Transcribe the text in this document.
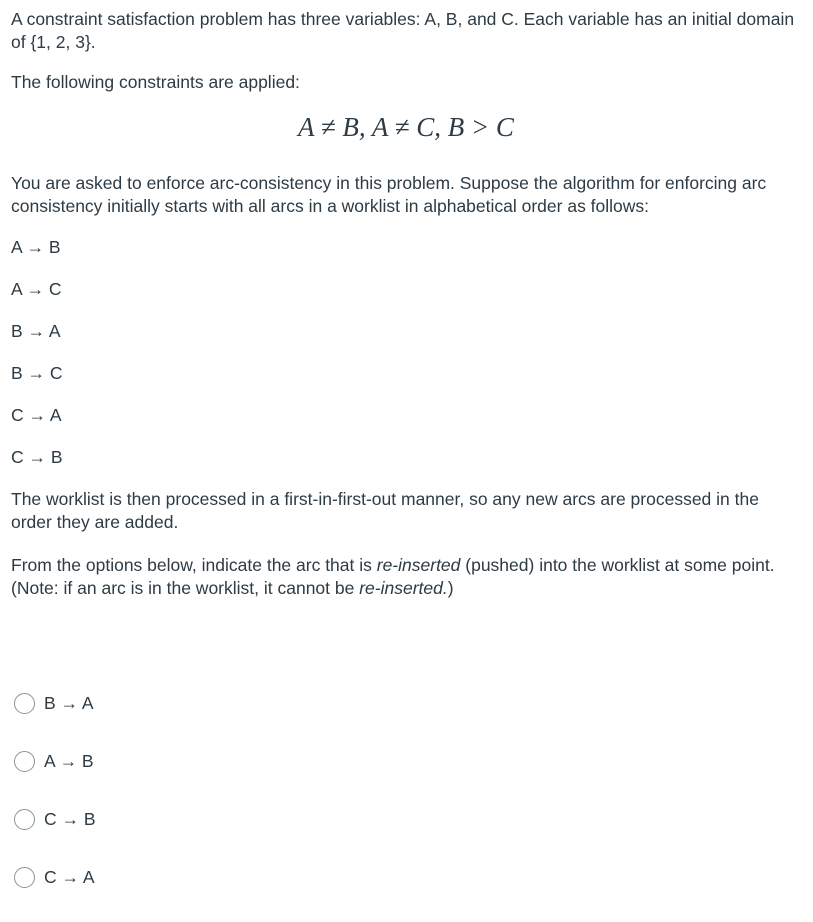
A constraint satisfaction problem has three variables: A, B, and C. Each variable has an initial domain of {1, 2, 3}.

The following constraints are applied:

A ≠ B, A ≠ C, B > C

You are asked to enforce arc-consistency in this problem. Suppose the algorithm for enforcing arc consistency initially starts with all arcs in a worklist in alphabetical order as follows:

A → B
A → C
B → A
B → C
C → A
C → B

The worklist is then processed in a first-in-first-out manner, so any new arcs are processed in the order they are added.

From the options below, indicate the arc that is re-inserted (pushed) into the worklist at some point. (Note: if an arc is in the worklist, it cannot be re-inserted.)

B → A
A → B
C → B
C → A
